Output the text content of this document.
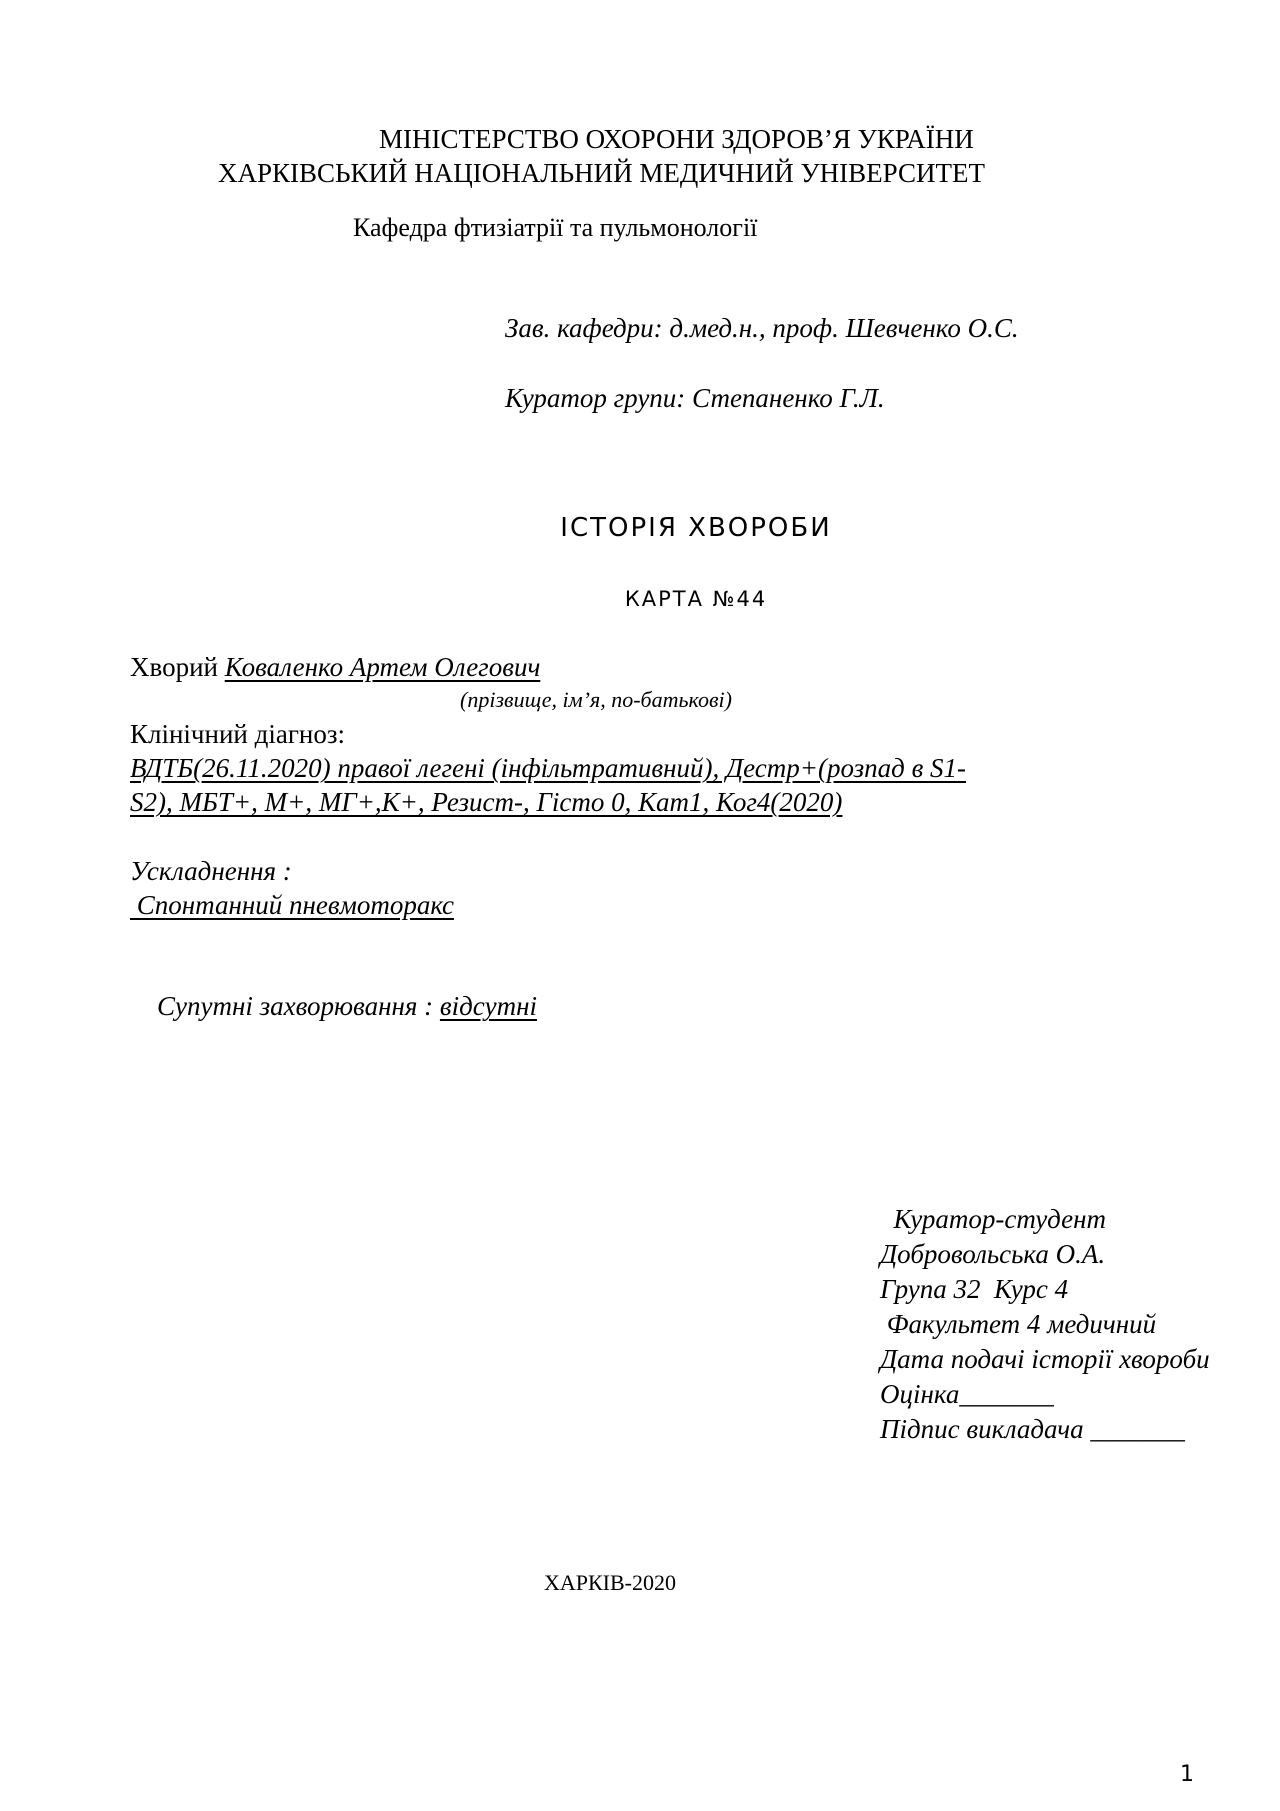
МІНІСТЕРСТВО ОХОРОНИ ЗДОРОВ’Я УКРАЇНИ
ХАРКІВСЬКИЙ НАЦІОНАЛЬНИЙ МЕДИЧНИЙ УНІВЕРСИТЕТ
Кафедра фтизіатрії та пульмонології
Зав. кафедри: д.мед.н., проф. Шевченко О.С.
Куратор групи: Степаненко Г.Л.
ІСТОРІЯ ХВОРОБИ
КАРТА №44
Хворий Коваленко Артем Олегович
(прізвище, ім’я, по-батькові)
Клінічний діагноз:
ВДТБ(26.11.2020) правої легені (інфільтративний), Дестр+(розпад в S1-
S2), МБТ+, М+, МГ+,К+, Резист-, Гісто 0, Кат1, Ког4(2020)
Ускладнення :
Спонтанний пневмоторакс

Супутні захворювання : відсутні

Куратор-студент
Добровольська О.А.
Група 32  Курс 4
Факультет 4 медичний
Дата подачі історії хвороби
Оцінка_______
Підпис викладача _______
ХАРКІВ-2020
1
